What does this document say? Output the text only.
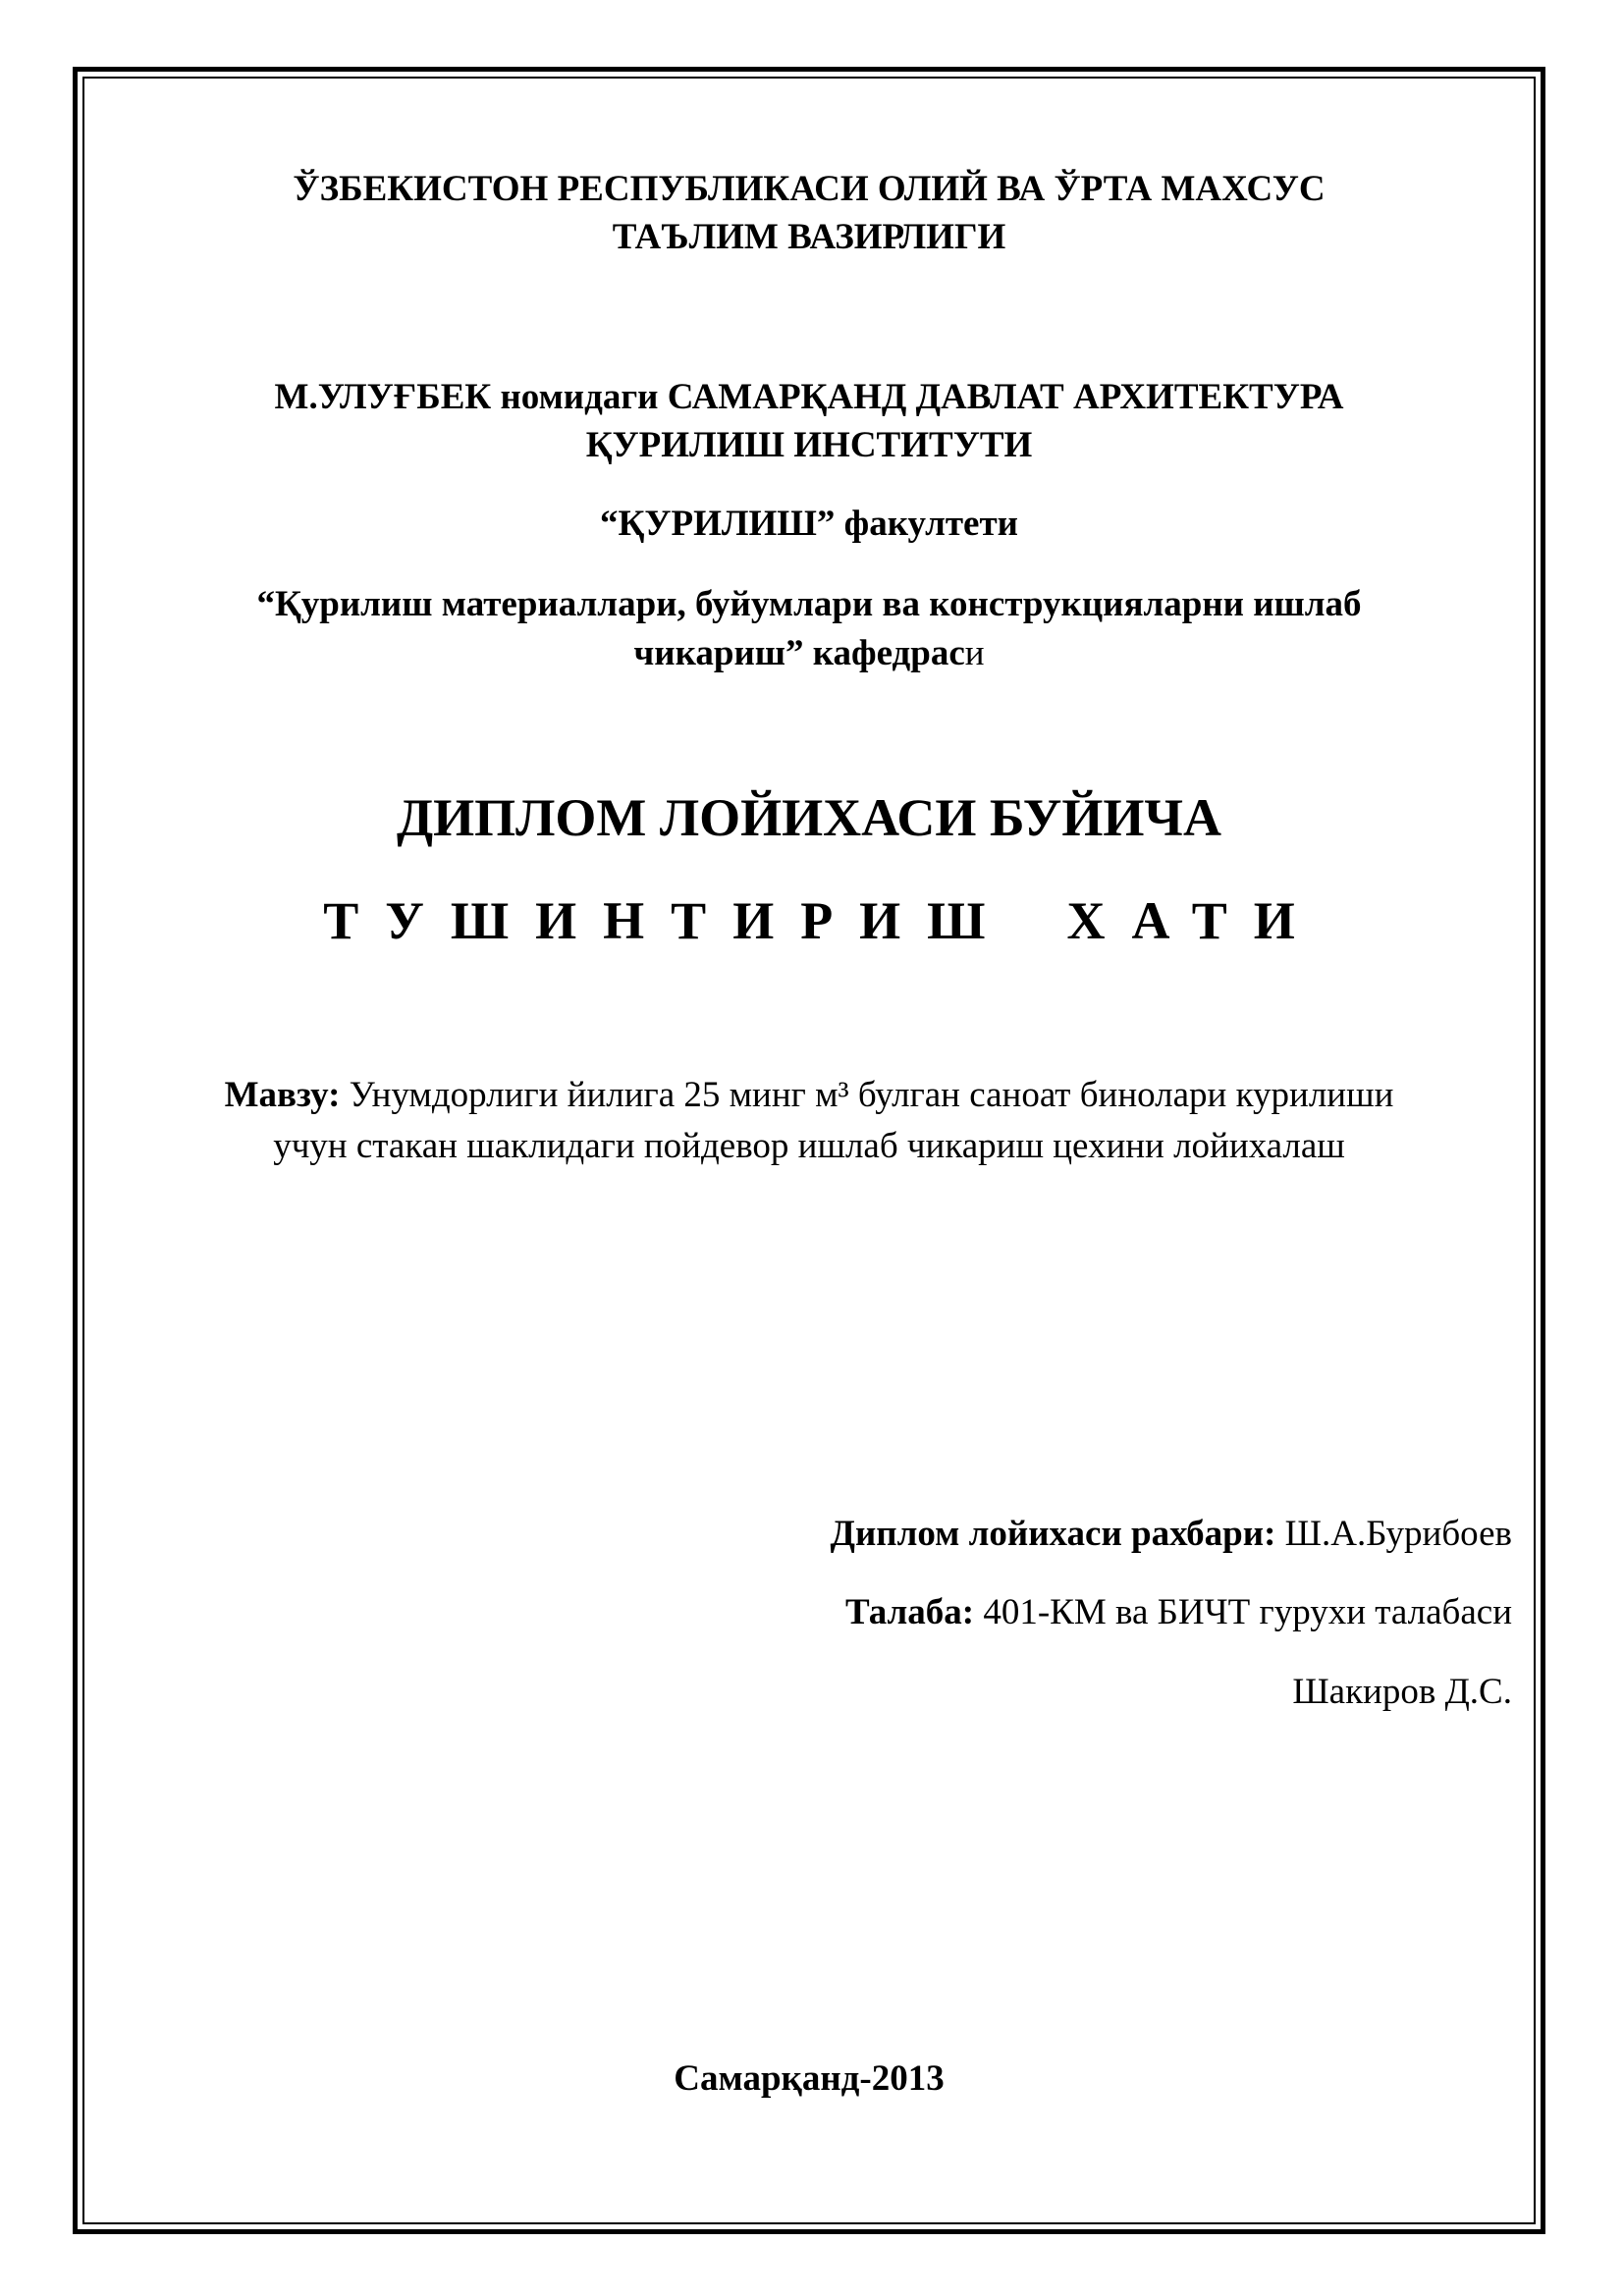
ЎЗБЕКИСТОН РЕСПУБЛИКАСИ ОЛИЙ ВА ЎРТА МАХСУС
ТАЪЛИМ ВАЗИРЛИГИ
М.УЛУҒБЕК номидаги САМАРҚАНД ДАВЛАТ АРХИТЕКТУРА
ҚУРИЛИШ ИНСТИТУТИ
“ҚУРИЛИШ” факултети
“Қурилиш материаллари, буйумлари ва конструкцияларни ишлаб
чикариш” кафедраси
ДИПЛОМ ЛОЙИХАСИ БУЙИЧА
ТУШИНТИРИШ ХАТИ
Мавзу: Унумдорлиги йилига 25 минг м³ булган саноат бинолари курилиши
учун стакан шаклидаги пойдевор ишлаб чикариш цехини лойихалаш
Диплом лойихаси рахбари: Ш.А.Бурибоев
Талаба: 401-КМ ва БИЧТ гурухи талабаси
Шакиров Д.С.
Самарқанд-2013
